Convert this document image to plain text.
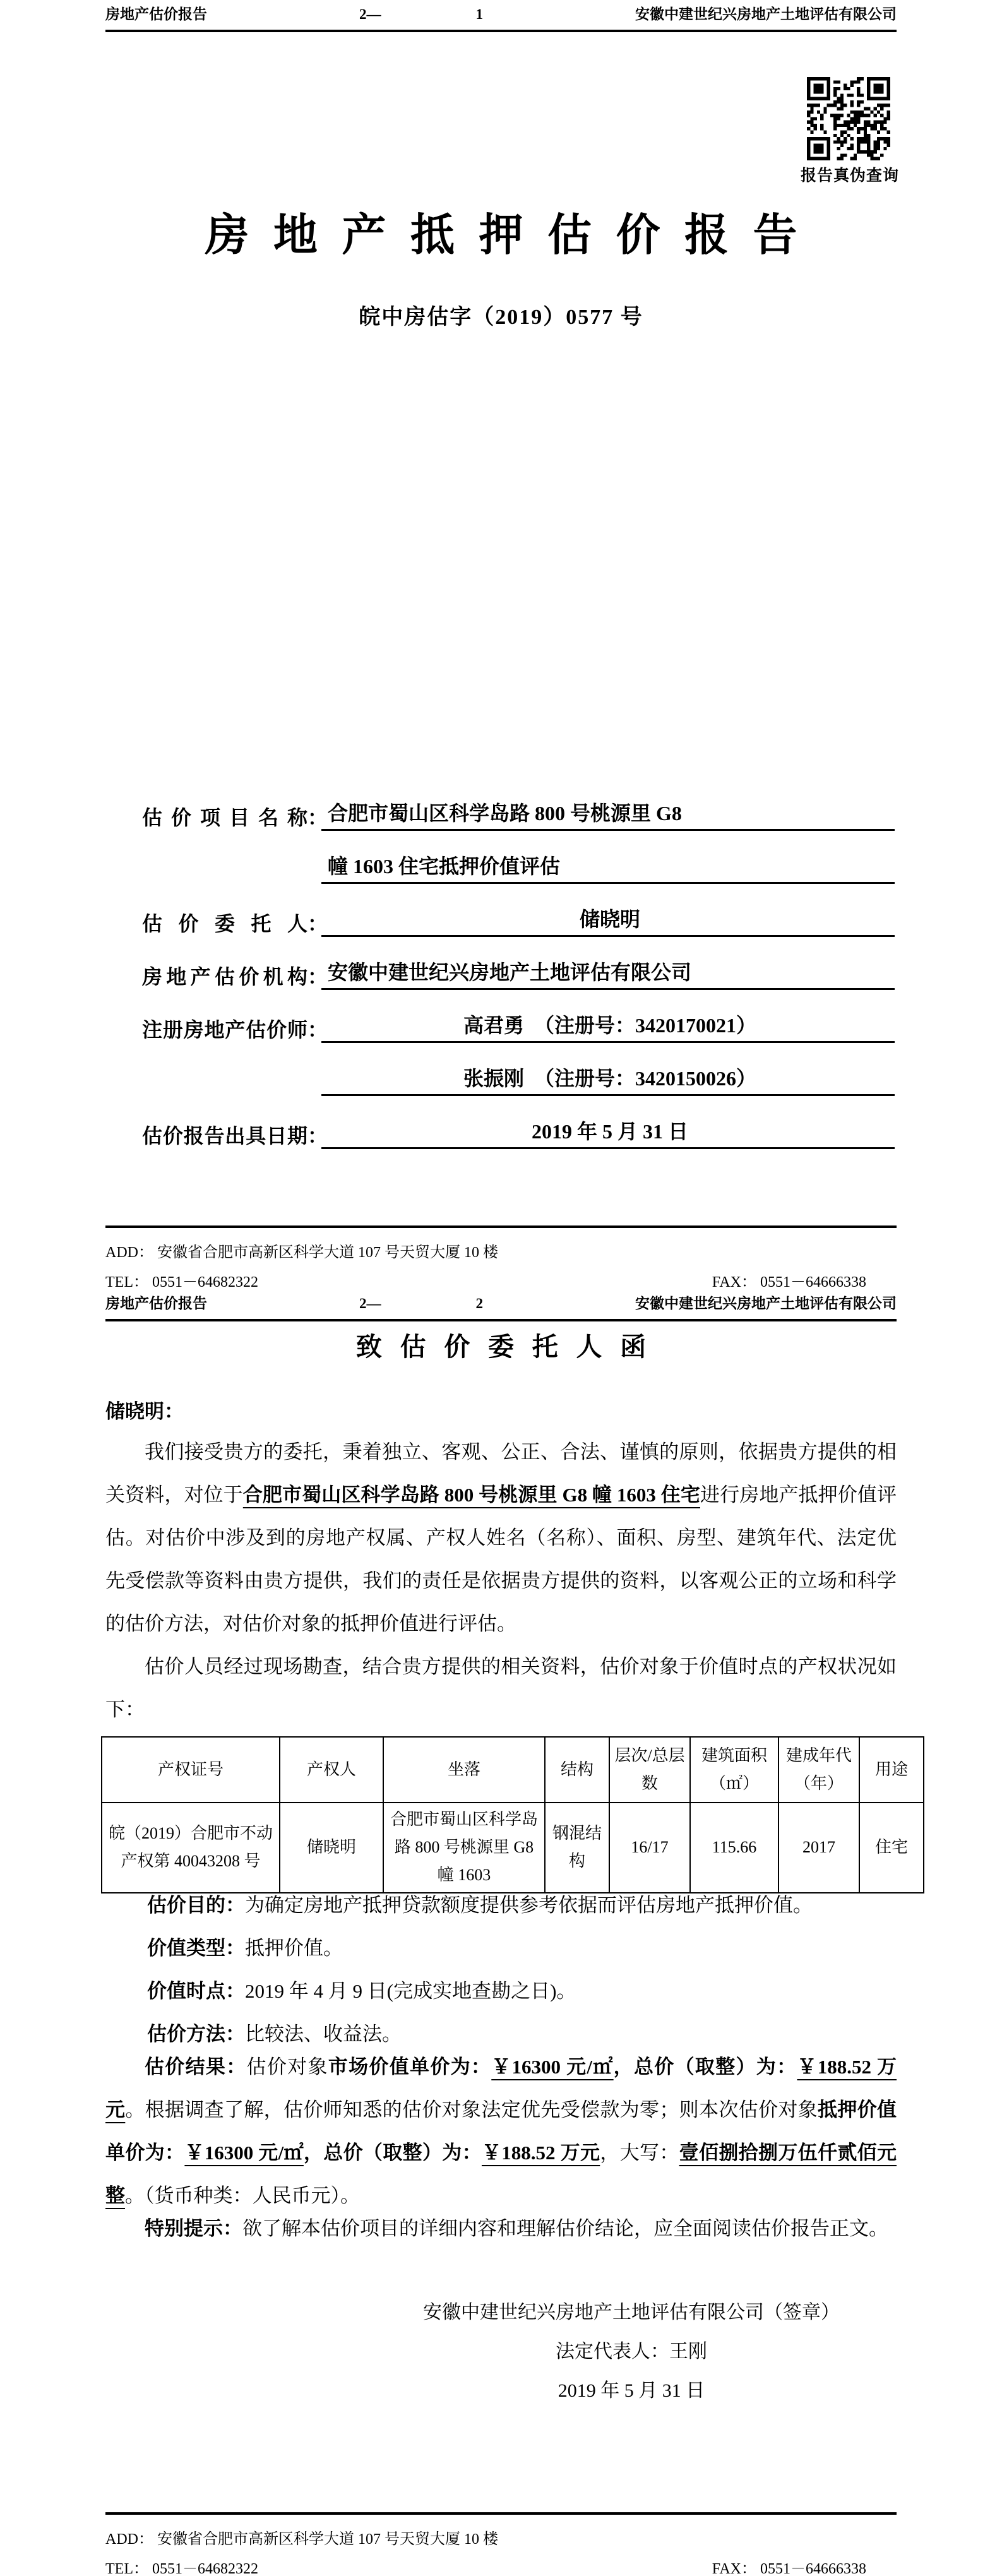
房地产估价报告	2—	1	安徽中建世纪兴房地产土地评估有限公司
报告真伪查询
房地产抵押估价报告
皖中房估字（2019）0577 号
估价项目名称 ： 合肥市蜀山区科学岛路 800 号桃源里 G8
幢 1603 住宅抵押价值评估
估价委托人 ：	储晓明
房地产估价机构 ： 安徽中建世纪兴房地产土地评估有限公司
注册房地产估价师 ：	高君勇　（注册号：3420170021）
张振刚　（注册号：3420150026）
估价报告出具日期 ：	2019 年 5 月 31 日
ADD： 安徽省合肥市高新区科学大道 107 号天贸大厦 10 楼
TEL： 0551－64682322	FAX： 0551－64666338
房地产估价报告	2—	2	安徽中建世纪兴房地产土地评估有限公司
致估价委托人函
储晓明：

我们接受贵方的委托，秉着独立、客观、公正、合法、谨慎的原则，依据贵方提供的相关资料，对位于合肥市蜀山区科学岛路 800 号桃源里 G8 幢 1603 住宅进行房地产抵押价值评估。对估价中涉及到的房地产权属、产权人姓名（名称）、面积、房型、建筑年代、法定优先受偿款等资料由贵方提供，我们的责任是依据贵方提供的资料，以客观公正的立场和科学的估价方法，对估价对象的抵押价值进行评估。

估价人员经过现场勘查，结合贵方提供的相关资料，估价对象于价值时点的产权状况如下：

产权证号	产权人	坐落	结构	层次/总层数	建筑面积（㎡）	建成年代（年）	用途
皖（2019）合肥市不动产权第 40043208 号	储晓明	合肥市蜀山区科学岛路 800 号桃源里 G8 幢 1603	钢混结构	16/17	115.66	2017	住宅
估价目的：为确定房地产抵押贷款额度提供参考依据而评估房地产抵押价值。
价值类型：抵押价值。
价值时点：2019 年 4 月 9 日(完成实地查勘之日)。
估价方法：比较法、收益法。

估价结果：估价对象市场价值单价为：￥16300 元/㎡，总价（取整）为：￥188.52 万元。根据调查了解，估价师知悉的估价对象法定优先受偿款为零；则本次估价对象抵押价值单价为：￥16300 元/㎡，总价（取整）为：￥188.52 万元，大写：壹佰捌拾捌万伍仟贰佰元整。（货币种类：人民币元）。

特别提示：欲了解本估价项目的详细内容和理解估价结论，应全面阅读估价报告正文。

安徽中建世纪兴房地产土地评估有限公司（签章）
法定代表人：王刚
2019 年 5 月 31 日
ADD： 安徽省合肥市高新区科学大道 107 号天贸大厦 10 楼
TEL： 0551－64682322	FAX： 0551－64666338
